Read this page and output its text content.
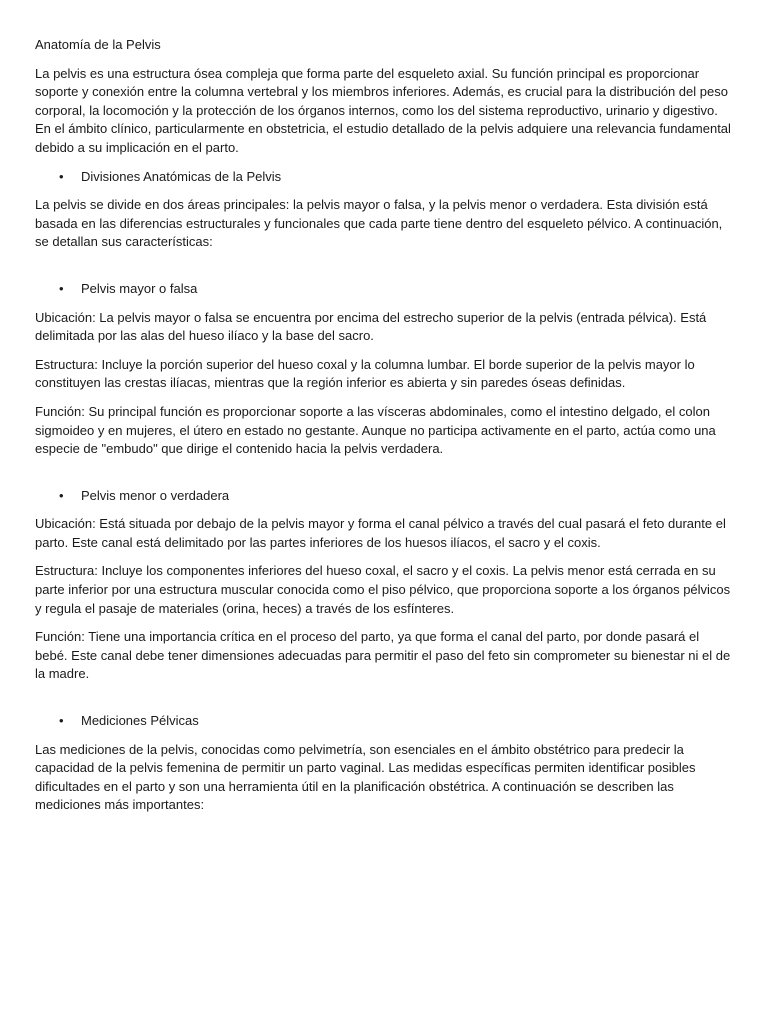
Anatomía de la Pelvis

La pelvis es una estructura ósea compleja que forma parte del esqueleto axial. Su función principal es proporcionar soporte y conexión entre la columna vertebral y los miembros inferiores. Además, es crucial para la distribución del peso corporal, la locomoción y la protección de los órganos internos, como los del sistema reproductivo, urinario y digestivo. En el ámbito clínico, particularmente en obstetricia, el estudio detallado de la pelvis adquiere una relevancia fundamental debido a su implicación en el parto.

• Divisiones Anatómicas de la Pelvis

La pelvis se divide en dos áreas principales: la pelvis mayor o falsa, y la pelvis menor o verdadera. Esta división está basada en las diferencias estructurales y funcionales que cada parte tiene dentro del esqueleto pélvico. A continuación, se detallan sus características:

• Pelvis mayor o falsa

Ubicación: La pelvis mayor o falsa se encuentra por encima del estrecho superior de la pelvis (entrada pélvica). Está delimitada por las alas del hueso ilíaco y la base del sacro.

Estructura: Incluye la porción superior del hueso coxal y la columna lumbar. El borde superior de la pelvis mayor lo constituyen las crestas ilíacas, mientras que la región inferior es abierta y sin paredes óseas definidas.

Función: Su principal función es proporcionar soporte a las vísceras abdominales, como el intestino delgado, el colon sigmoideo y en mujeres, el útero en estado no gestante. Aunque no participa activamente en el parto, actúa como una especie de "embudo" que dirige el contenido hacia la pelvis verdadera.

• Pelvis menor o verdadera

Ubicación: Está situada por debajo de la pelvis mayor y forma el canal pélvico a través del cual pasará el feto durante el parto. Este canal está delimitado por las partes inferiores de los huesos ilíacos, el sacro y el coxis.

Estructura: Incluye los componentes inferiores del hueso coxal, el sacro y el coxis. La pelvis menor está cerrada en su parte inferior por una estructura muscular conocida como el piso pélvico, que proporciona soporte a los órganos pélvicos y regula el pasaje de materiales (orina, heces) a través de los esfínteres.

Función: Tiene una importancia crítica en el proceso del parto, ya que forma el canal del parto, por donde pasará el bebé. Este canal debe tener dimensiones adecuadas para permitir el paso del feto sin comprometer su bienestar ni el de la madre.

• Mediciones Pélvicas

Las mediciones de la pelvis, conocidas como pelvimetría, son esenciales en el ámbito obstétrico para predecir la capacidad de la pelvis femenina de permitir un parto vaginal. Las medidas específicas permiten identificar posibles dificultades en el parto y son una herramienta útil en la planificación obstétrica. A continuación se describen las mediciones más importantes:
